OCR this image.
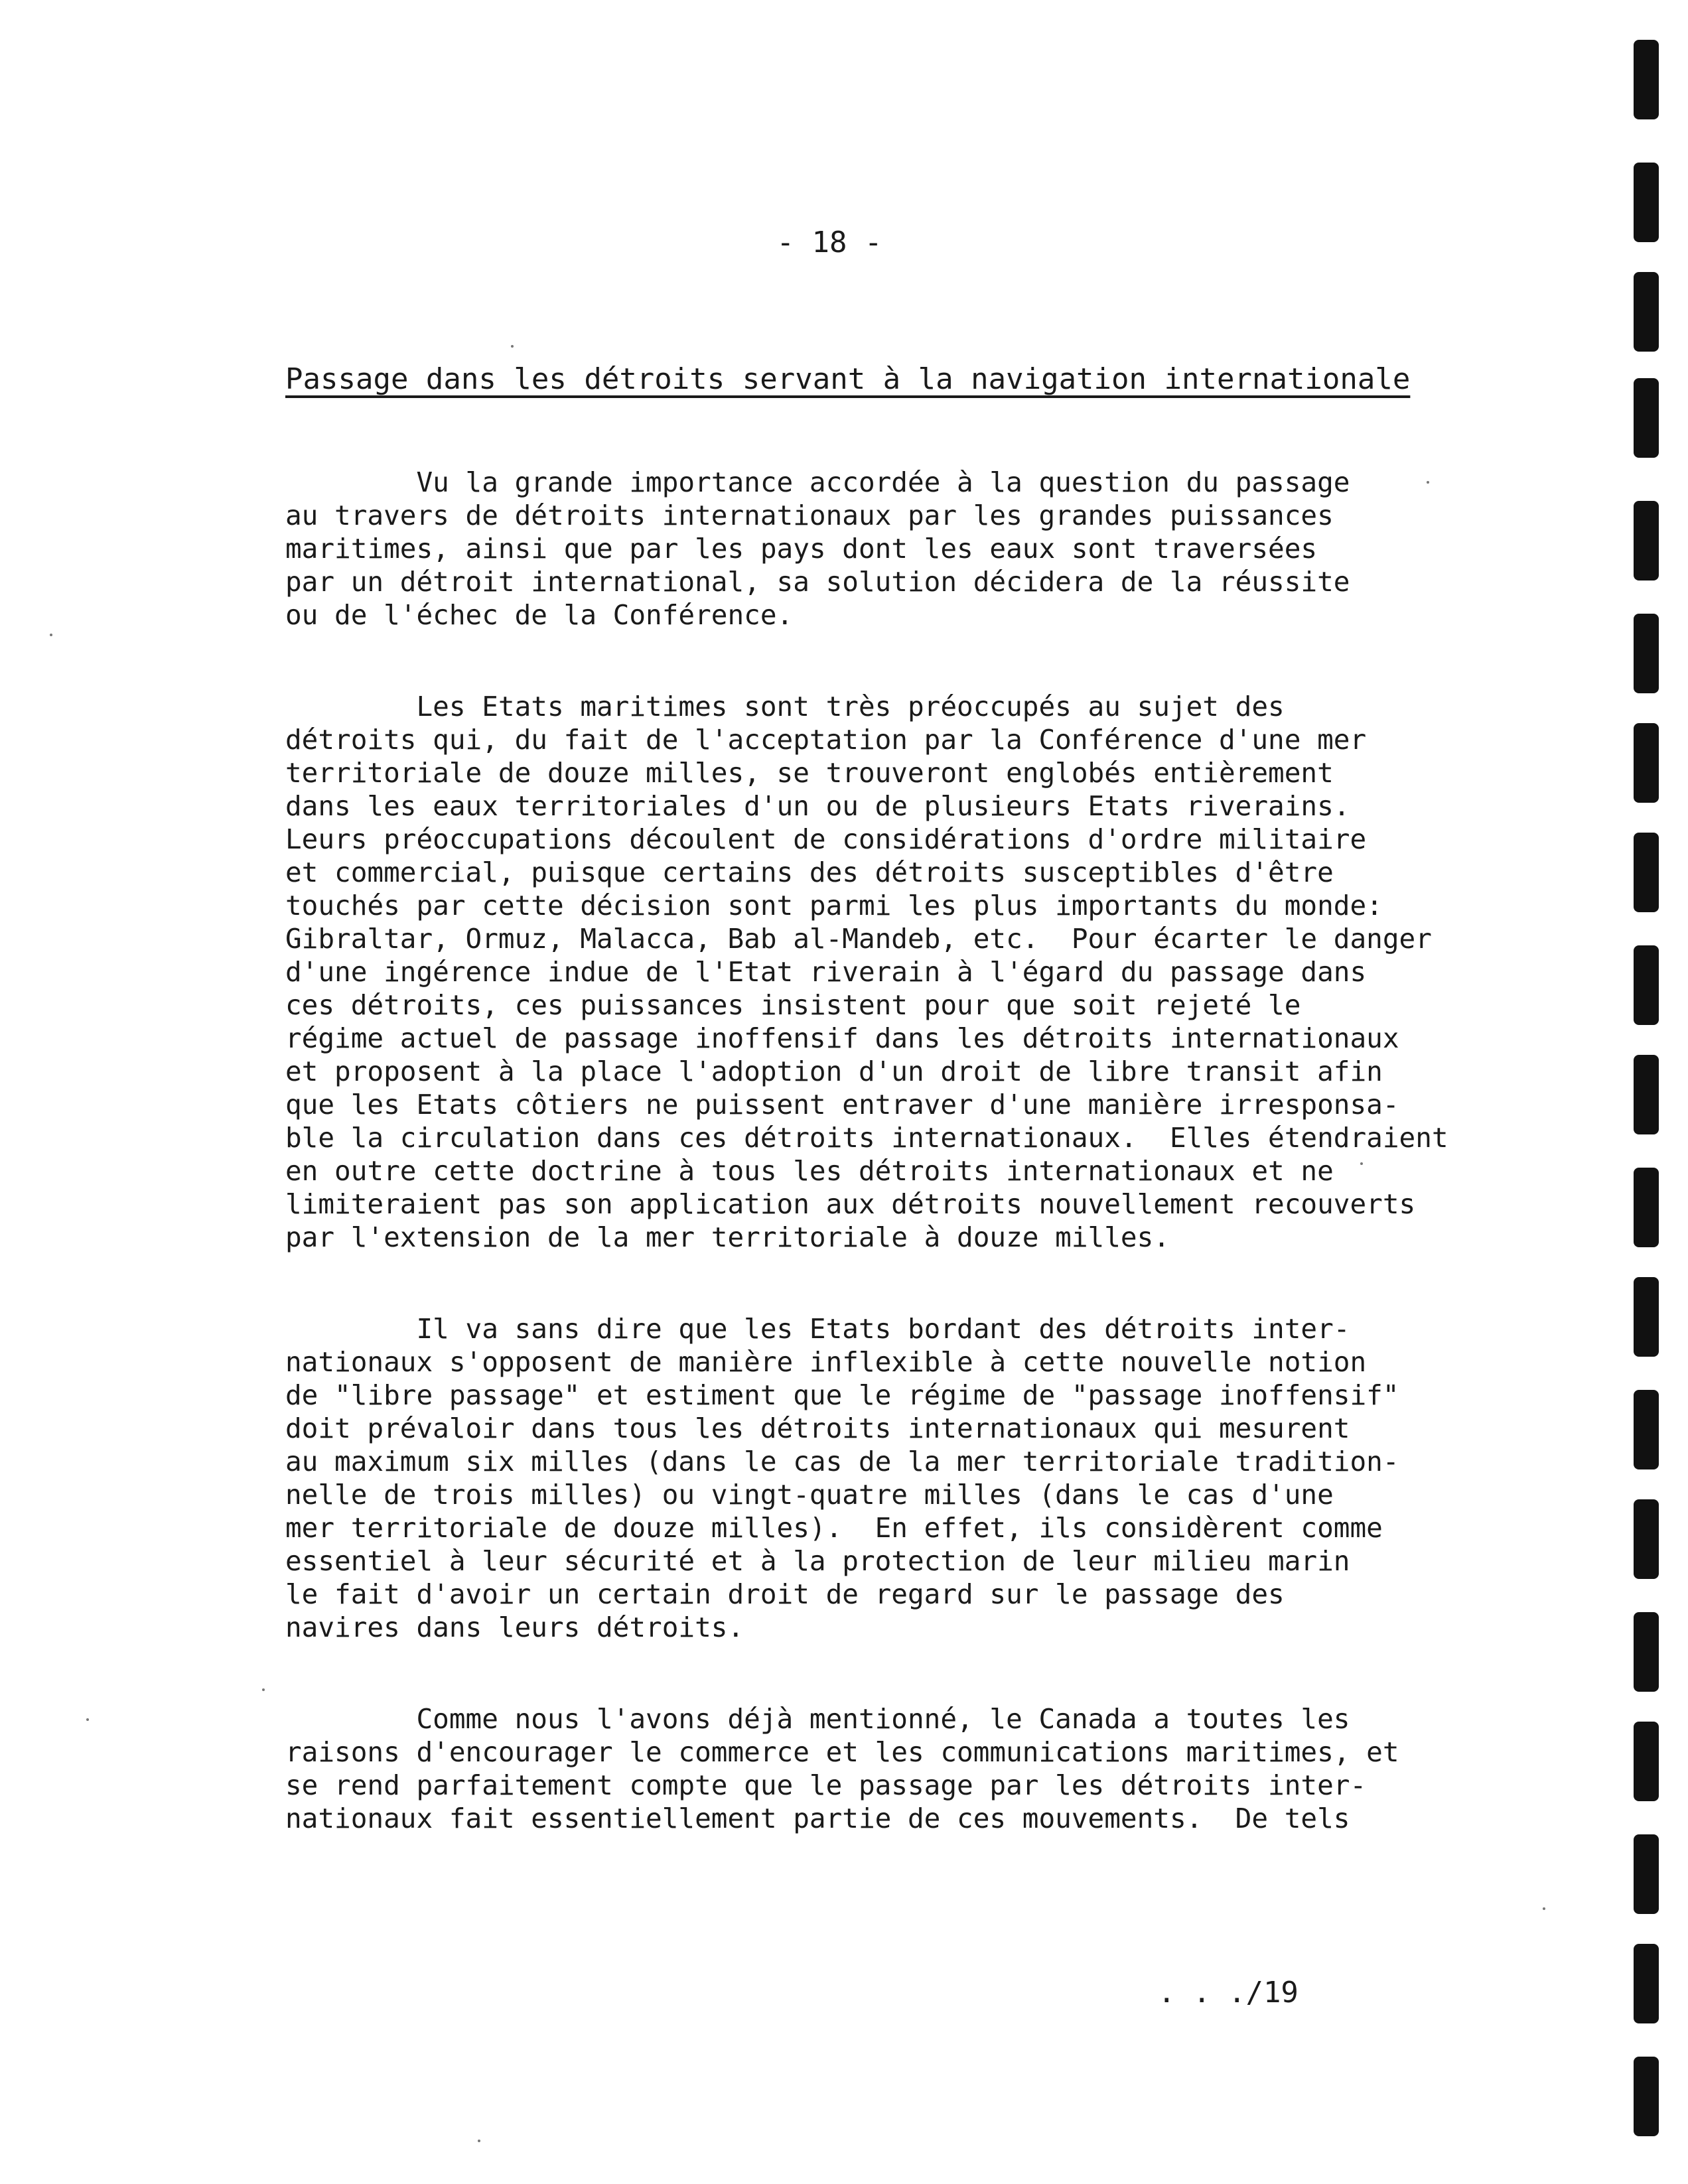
- 18 -
Passage dans les détroits servant à la navigation internationale
Vu la grande importance accordée à la question du passage
au travers de détroits internationaux par les grandes puissances
maritimes, ainsi que par les pays dont les eaux sont traversées
par un détroit international, sa solution décidera de la réussite
ou de l'échec de la Conférence.
Les Etats maritimes sont très préoccupés au sujet des
détroits qui, du fait de l'acceptation par la Conférence d'une mer
territoriale de douze milles, se trouveront englobés entièrement
dans les eaux territoriales d'un ou de plusieurs Etats riverains.
Leurs préoccupations découlent de considérations d'ordre militaire
et commercial, puisque certains des détroits susceptibles d'être
touchés par cette décision sont parmi les plus importants du monde:
Gibraltar, Ormuz, Malacca, Bab al-Mandeb, etc.  Pour écarter le danger
d'une ingérence indue de l'Etat riverain à l'égard du passage dans
ces détroits, ces puissances insistent pour que soit rejeté le
régime actuel de passage inoffensif dans les détroits internationaux
et proposent à la place l'adoption d'un droit de libre transit afin
que les Etats côtiers ne puissent entraver d'une manière irresponsa-
ble la circulation dans ces détroits internationaux.  Elles étendraient
en outre cette doctrine à tous les détroits internationaux et ne
limiteraient pas son application aux détroits nouvellement recouverts
par l'extension de la mer territoriale à douze milles.
Il va sans dire que les Etats bordant des détroits inter-
nationaux s'opposent de manière inflexible à cette nouvelle notion
de "libre passage" et estiment que le régime de "passage inoffensif"
doit prévaloir dans tous les détroits internationaux qui mesurent
au maximum six milles (dans le cas de la mer territoriale tradition-
nelle de trois milles) ou vingt-quatre milles (dans le cas d'une
mer territoriale de douze milles).  En effet, ils considèrent comme
essentiel à leur sécurité et à la protection de leur milieu marin
le fait d'avoir un certain droit de regard sur le passage des
navires dans leurs détroits.
Comme nous l'avons déjà mentionné, le Canada a toutes les
raisons d'encourager le commerce et les communications maritimes, et
se rend parfaitement compte que le passage par les détroits inter-
nationaux fait essentiellement partie de ces mouvements.  De tels
. . ./19
